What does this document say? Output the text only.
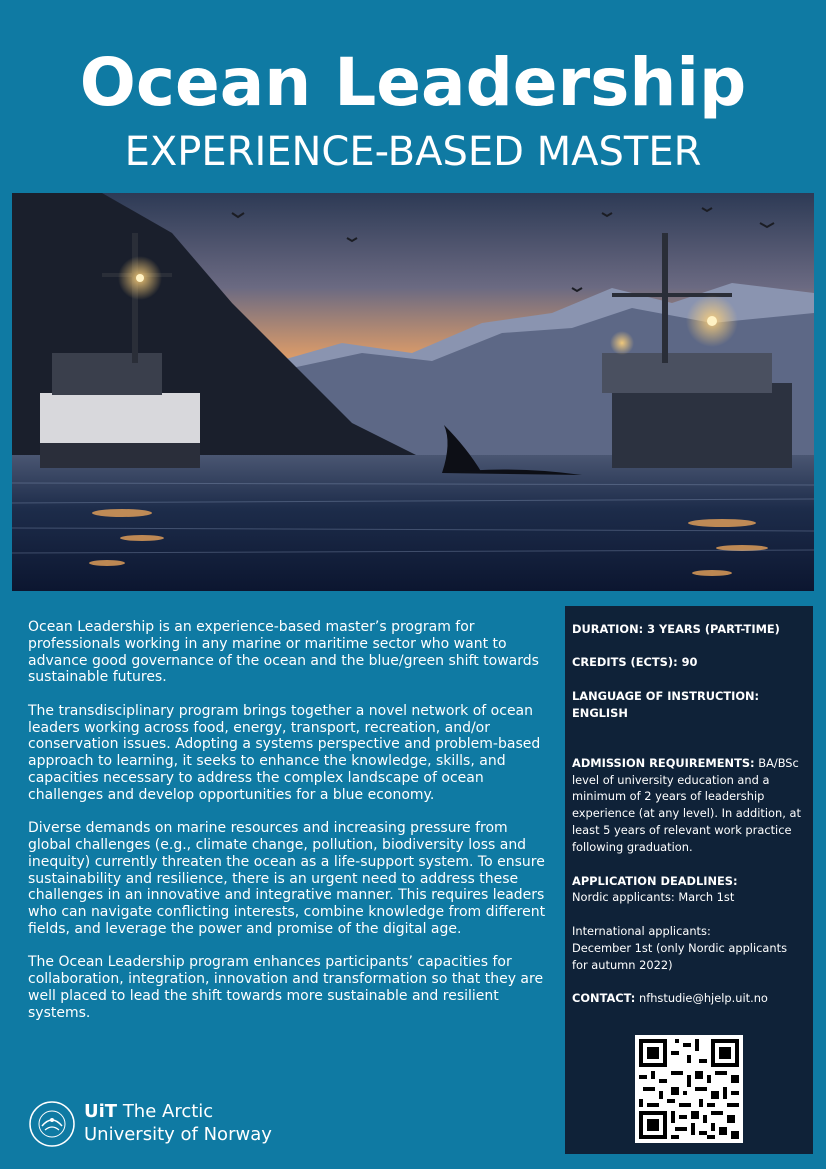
Ocean Leadership
EXPERIENCE-BASED MASTER

Ocean Leadership is an experience-based master’s program for professionals working in any marine or maritime sector who want to advance good governance of the ocean and the blue/green shift towards sustainable futures.

The transdisciplinary program brings together a novel network of ocean leaders working across food, energy, transport, recreation, and/or conservation issues. Adopting a systems perspective and problem-based approach to learning, it seeks to enhance the knowledge, skills, and capacities necessary to address the complex landscape of ocean challenges and develop opportunities for a blue economy.

Diverse demands on marine resources and increasing pressure from global challenges (e.g., climate change, pollution, biodiversity loss and inequity) currently threaten the ocean as a life-support system. To ensure sustainability and resilience, there is an urgent need to address these challenges in an innovative and integrative manner. This requires leaders who can navigate conflicting interests, combine knowledge from different fields, and leverage the power and promise of the digital age.

The Ocean Leadership program enhances participants’ capacities for collaboration, integration, innovation and transformation so that they are well placed to lead the shift towards more sustainable and resilient systems.

DURATION: 3 YEARS (PART-TIME)
CREDITS (ECTS): 90
LANGUAGE OF INSTRUCTION: ENGLISH
ADMISSION REQUIREMENTS: BA/BSc level of university education and a minimum of 2 years of leadership experience (at any level). In addition, at least 5 years of relevant work practice following graduation.
APPLICATION DEADLINES:
Nordic applicants: March 1st
International applicants:
December 1st (only Nordic applicants for autumn 2022)
CONTACT: nfhstudie@hjelp.uit.no
UiT The Arctic
University of Norway
